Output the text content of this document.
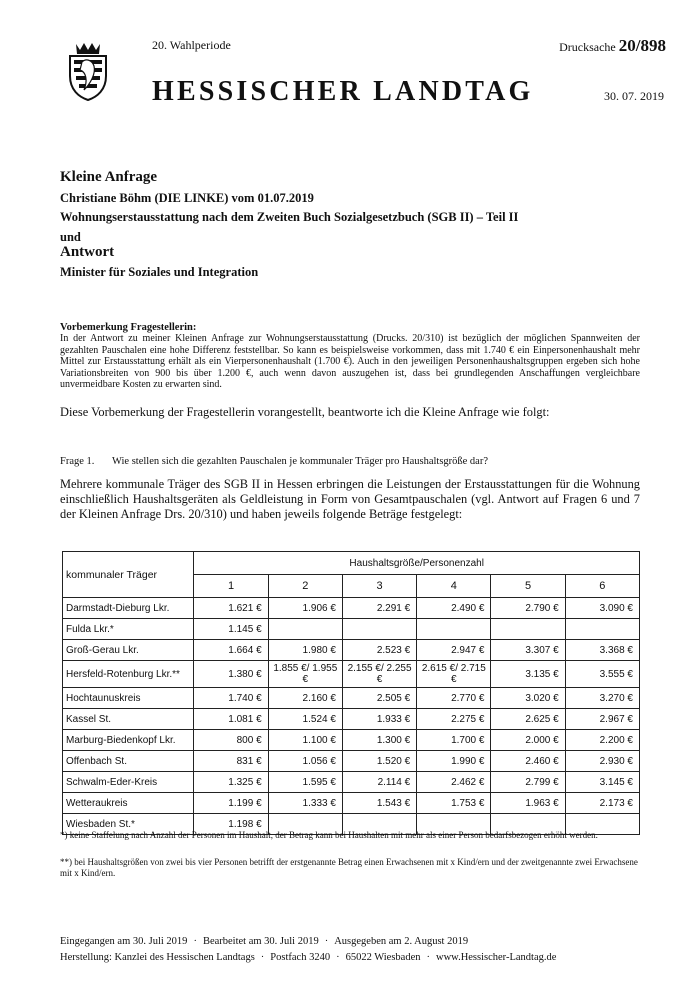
20. Wahlperiode
HESSISCHER LANDTAG
Drucksache 20/898
30. 07. 2019
Kleine Anfrage
Christiane Böhm (DIE LINKE) vom 01.07.2019
Wohnungserstausstattung nach dem Zweiten Buch Sozialgesetzbuch (SGB II) – Teil II
und
Antwort
Minister für Soziales und Integration
Vorbemerkung Fragestellerin:
In der Antwort zu meiner Kleinen Anfrage zur Wohnungserstausstattung (Drucks. 20/310) ist bezüglich der möglichen Spannweiten der gezahlten Pauschalen eine hohe Differenz feststellbar. So kann es beispielsweise vorkommen, dass mit 1.740 € ein Einpersonenhaushalt mehr Mittel zur Erstausstattung erhält als ein Vierpersonenhaushalt (1.700 €). Auch in den jeweiligen Personenhaushaltsgruppen ergeben sich hohe Variationsbreiten von 900 bis über 1.200 €, auch wenn davon auszugehen ist, dass bei grundlegenden Anschaffungen vergleichbare unvermeidbare Kosten zu erwarten sind.
Diese Vorbemerkung der Fragestellerin vorangestellt, beantworte ich die Kleine Anfrage wie folgt:
Frage 1. Wie stellen sich die gezahlten Pauschalen je kommunaler Träger pro Haushaltsgröße dar?
Mehrere kommunale Träger des SGB II in Hessen erbringen die Leistungen der Erstausstattungen für die Wohnung einschließlich Haushaltsgeräten als Geldleistung in Form von Gesamtpauschalen (vgl. Antwort auf Fragen 6 und 7 der Kleinen Anfrage Drs. 20/310) und haben jeweils folgende Beträge festgelegt:
kommunaler Träger	Haushaltsgröße/Personenzahl					
	1	2	3	4	5	6
Darmstadt-Dieburg Lkr.	1.621 €	1.906 €	2.291 €	2.490 €	2.790 €	3.090 €
Fulda Lkr.*	1.145 €					
Groß-Gerau Lkr.	1.664 €	1.980 €	2.523 €	2.947 €	3.307 €	3.368 €
Hersfeld-Rotenburg Lkr.**	1.380 €	1.855 €/ 1.955 €	2.155 €/ 2.255 €	2.615 €/ 2.715 €	3.135 €	3.555 €
Hochtaunuskreis	1.740 €	2.160 €	2.505 €	2.770 €	3.020 €	3.270 €
Kassel St.	1.081 €	1.524 €	1.933 €	2.275 €	2.625 €	2.967 €
Marburg-Biedenkopf Lkr.	800 €	1.100 €	1.300 €	1.700 €	2.000 €	2.200 €
Offenbach St.	831 €	1.056 €	1.520 €	1.990 €	2.460 €	2.930 €
Schwalm-Eder-Kreis	1.325 €	1.595 €	2.114 €	2.462 €	2.799 €	3.145 €
Wetteraukreis	1.199 €	1.333 €	1.543 €	1.753 €	1.963 €	2.173 €
Wiesbaden St.*	1.198 €					
*) keine Staffelung nach Anzahl der Personen im Haushalt, der Betrag kann bei Haushalten mit mehr als einer Person bedarfsbezogen erhöht werden.
**) bei Haushaltsgrößen von zwei bis vier Personen betrifft der erstgenannte Betrag einen Erwachsenen mit x Kind/ern und der zweitgenannte zwei Erwachsene mit x Kind/ern.
Eingegangen am 30. Juli 2019 · Bearbeitet am 30. Juli 2019 · Ausgegeben am 2. August 2019
Herstellung: Kanzlei des Hessischen Landtags · Postfach 3240 · 65022 Wiesbaden · www.Hessischer-Landtag.de
